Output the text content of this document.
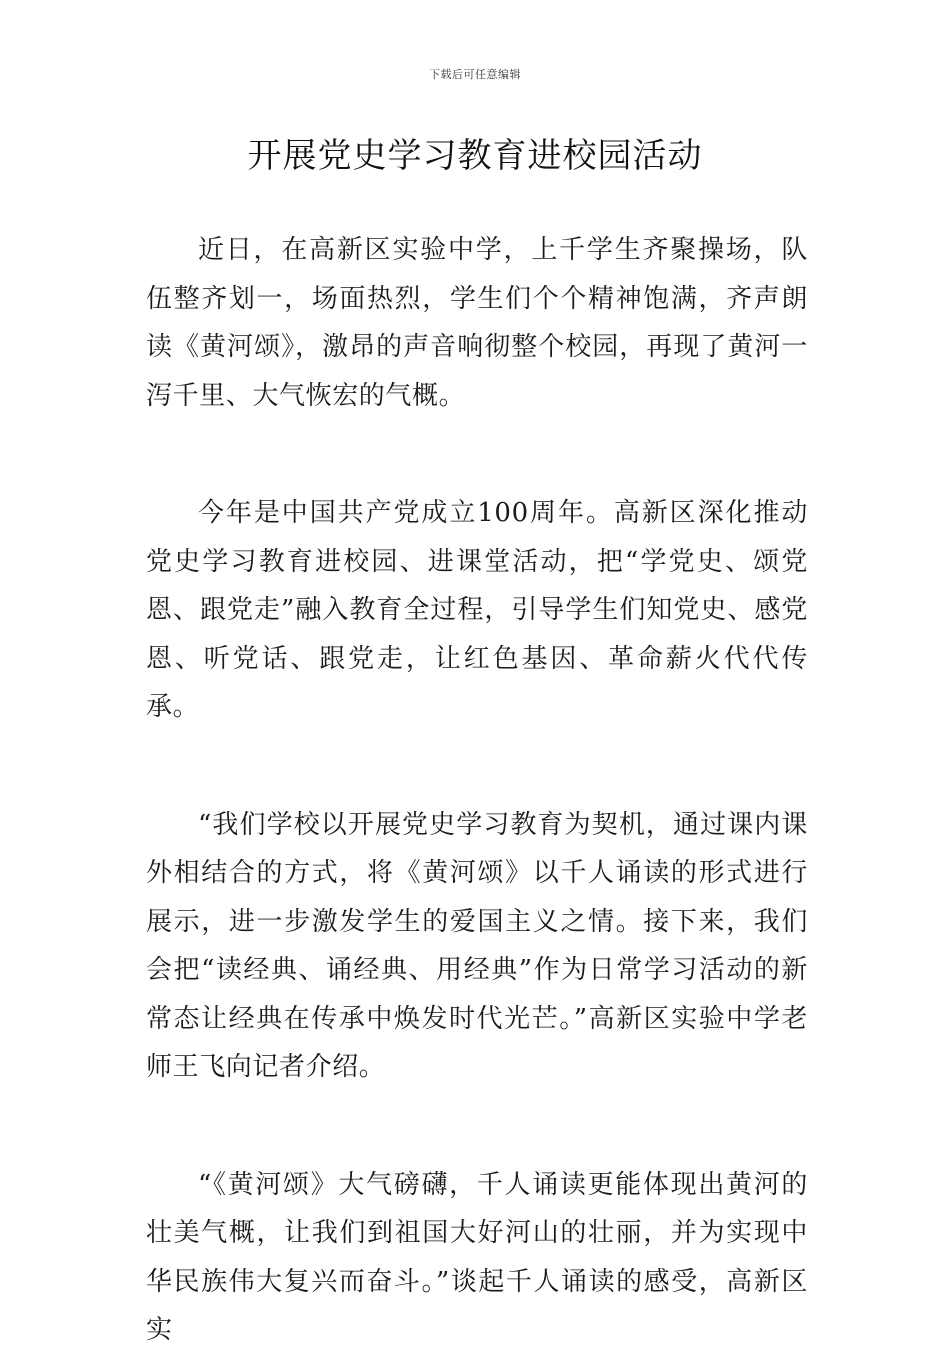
下载后可任意编辑
开展党史学习教育进校园活动

近日，在高新区实验中学，上千学生齐聚操场，队伍整齐划一，场面热烈，学生们个个精神饱满，齐声朗读《黄河颂》，激昂的声音响彻整个校园，再现了黄河一泻千里、大气恢宏的气概。

今年是中国共产党成立100周年。高新区深化推动党史学习教育进校园、进课堂活动，把“学党史、颂党恩、跟党走”融入教育全过程，引导学生们知党史、感党恩、听党话、跟党走，让红色基因、革命薪火代代传承。

“我们学校以开展党史学习教育为契机，通过课内课外相结合的方式，将《黄河颂》以千人诵读的形式进行展示，进一步激发学生的爱国主义之情。接下来，我们会把“读经典、诵经典、用经典”作为日常学习活动的新常态让经典在传承中焕发时代光芒。”高新区实验中学老师王飞向记者介绍。

“《黄河颂》大气磅礴，千人诵读更能体现出黄河的壮美气概，让我们到祖国大好河山的壮丽，并为实现中华民族伟大复兴而奋斗。”谈起千人诵读的感受，高新区实
